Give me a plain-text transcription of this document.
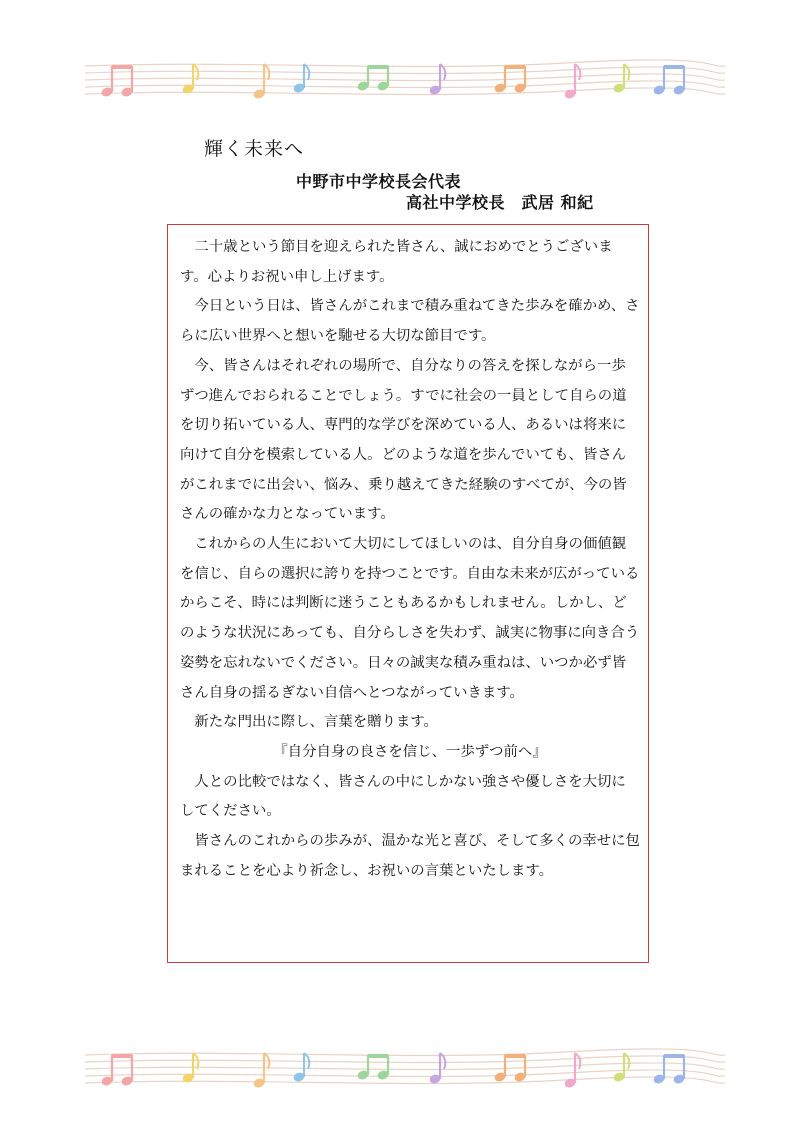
輝く未来へ
中野市中学校長会代表
高社中学校長　武居 和紀

二十歳という節目を迎えられた皆さん、誠におめでとうございます。心よりお祝い申し上げます。

今日という日は、皆さんがこれまで積み重ねてきた歩みを確かめ、さらに広い世界へと想いを馳せる大切な節目です。

今、皆さんはそれぞれの場所で、自分なりの答えを探しながら一歩ずつ進んでおられることでしょう。すでに社会の一員として自らの道を切り拓いている人、専門的な学びを深めている人、あるいは将来に向けて自分を模索している人。どのような道を歩んでいても、皆さんがこれまでに出会い、悩み、乗り越えてきた経験のすべてが、今の皆さんの確かな力となっています。

これからの人生において大切にしてほしいのは、自分自身の価値観を信じ、自らの選択に誇りを持つことです。自由な未来が広がっているからこそ、時には判断に迷うこともあるかもしれません。しかし、どのような状況にあっても、自分らしさを失わず、誠実に物事に向き合う姿勢を忘れないでください。日々の誠実な積み重ねは、いつか必ず皆さん自身の揺るぎない自信へとつながっていきます。

新たな門出に際し、言葉を贈ります。

『自分自身の良さを信じ、一歩ずつ前へ』

人との比較ではなく、皆さんの中にしかない強さや優しさを大切にしてください。

皆さんのこれからの歩みが、温かな光と喜び、そして多くの幸せに包まれることを心より祈念し、お祝いの言葉といたします。
